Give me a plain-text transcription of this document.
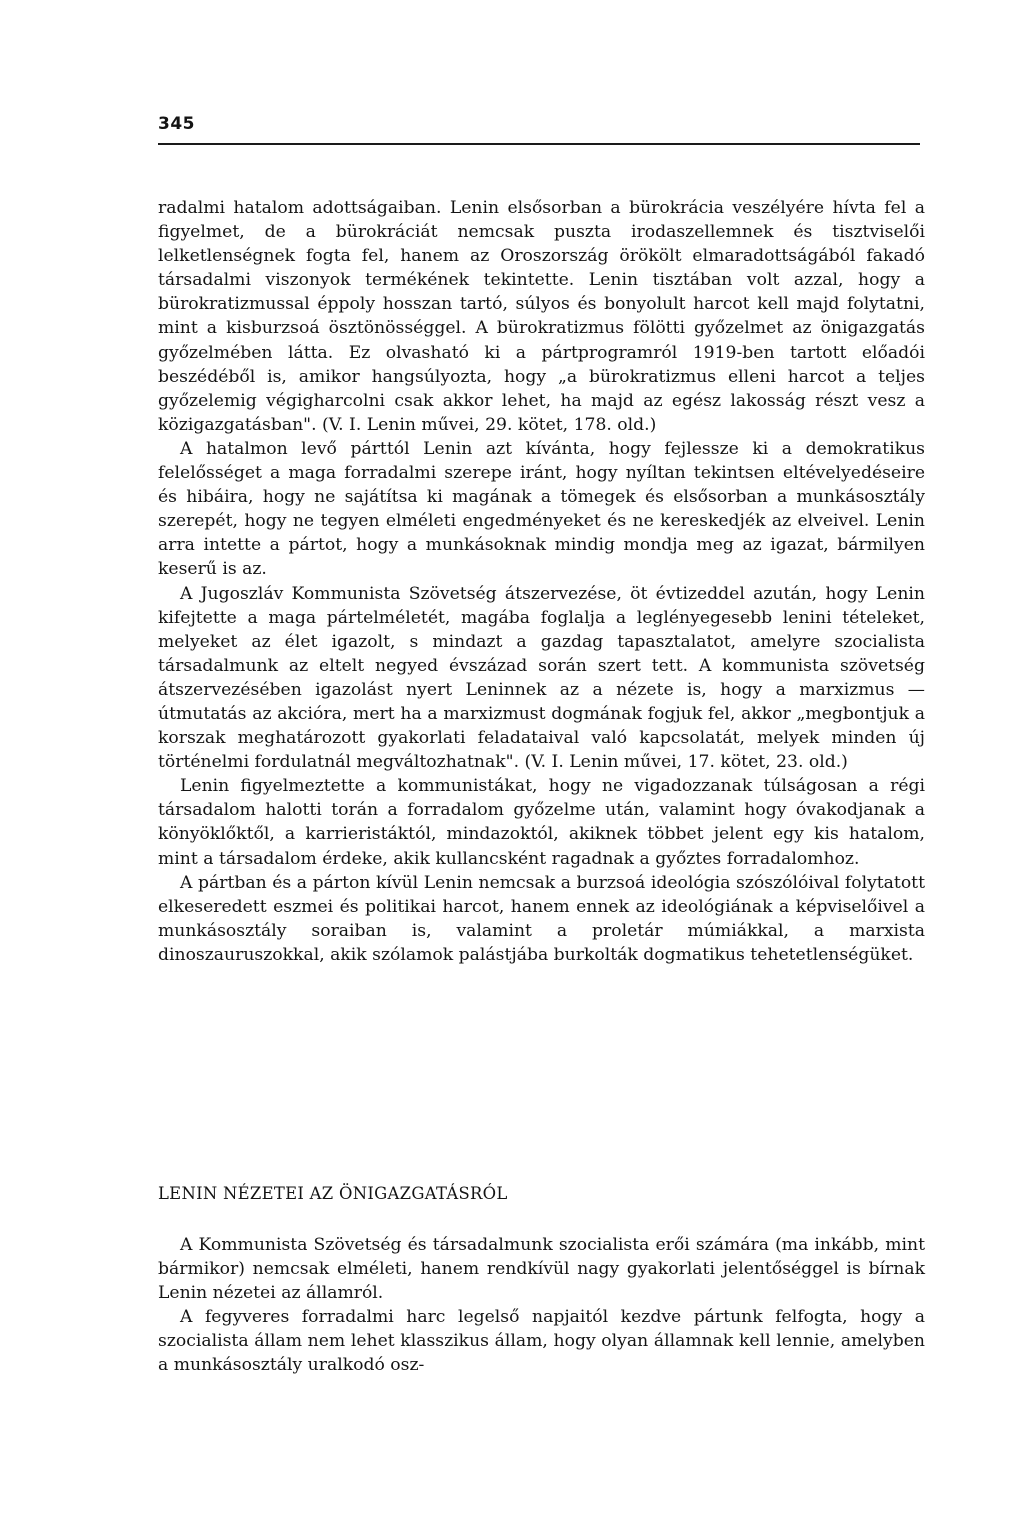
345

radalmi hatalom adottságaiban. Lenin elsősorban a bürokrácia veszélyére hívta fel a figyelmet, de a bürokráciát nemcsak puszta irodaszellemnek és tisztviselői lelketlenségnek fogta fel, hanem az Oroszország örökölt elmaradottságából fakadó társadalmi viszonyok termékének tekintette. Lenin tisztában volt azzal, hogy a bürokratizmussal éppoly hosszan tartó, súlyos és bonyolult harcot kell majd folytatni, mint a kisburzsoá ösztönösséggel. A bürokratizmus fölötti győzelmet az önigazgatás győzelmében látta. Ez olvasható ki a pártprogramról 1919-ben tartott előadói beszédéből is, amikor hangsúlyozta, hogy „a bürokratizmus elleni harcot a teljes győzelemig végigharcolni csak akkor lehet, ha majd az egész lakosság részt vesz a közigazgatásban". (V. I. Lenin művei, 29. kötet, 178. old.)

A hatalmon levő párttól Lenin azt kívánta, hogy fejlessze ki a demokratikus felelősséget a maga forradalmi szerepe iránt, hogy nyíltan tekintsen eltévelyedéseire és hibáira, hogy ne sajátítsa ki magának a tömegek és elsősorban a munkásosztály szerepét, hogy ne tegyen elméleti engedményeket és ne kereskedjék az elveivel. Lenin arra intette a pártot, hogy a munkásoknak mindig mondja meg az igazat, bármilyen keserű is az.

A Jugoszláv Kommunista Szövetség átszervezése, öt évtizeddel azután, hogy Lenin kifejtette a maga pártelméletét, magába foglalja a leglényegesebb lenini tételeket, melyeket az élet igazolt, s mindazt a gazdag tapasztalatot, amelyre szocialista társadalmunk az eltelt negyed évszázad során szert tett. A kommunista szövetség átszervezésében igazolást nyert Leninnek az a nézete is, hogy a marxizmus — útmutatás az akcióra, mert ha a marxizmust dogmának fogjuk fel, akkor „megbontjuk a korszak meghatározott gyakorlati feladataival való kapcsolatát, melyek minden új történelmi fordulatnál megváltozhatnak". (V. I. Lenin művei, 17. kötet, 23. old.)

Lenin figyelmeztette a kommunistákat, hogy ne vigadozzanak túlságosan a régi társadalom halotti torán a forradalom győzelme után, valamint hogy óvakodjanak a könyöklőktől, a karrieristáktól, mindazoktól, akiknek többet jelent egy kis hatalom, mint a társadalom érdeke, akik kullancsként ragadnak a győztes forradalomhoz.

A pártban és a párton kívül Lenin nemcsak a burzsoá ideológia szószólóival folytatott elkeseredett eszmei és politikai harcot, hanem ennek az ideológiának a képviselőivel a munkásosztály soraiban is, valamint a proletár múmiákkal, a marxista dinoszauruszokkal, akik szólamok palástjába burkolták dogmatikus tehetetlenségüket.

LENIN NÉZETEI AZ ÖNIGAZGATÁSRÓL

A Kommunista Szövetség és társadalmunk szocialista erői számára (ma inkább, mint bármikor) nemcsak elméleti, hanem rendkívül nagy gyakorlati jelentőséggel is bírnak Lenin nézetei az államról.

A fegyveres forradalmi harc legelső napjaitól kezdve pártunk felfogta, hogy a szocialista állam nem lehet klasszikus állam, hogy olyan államnak kell lennie, amelyben a munkásosztály uralkodó osz-
